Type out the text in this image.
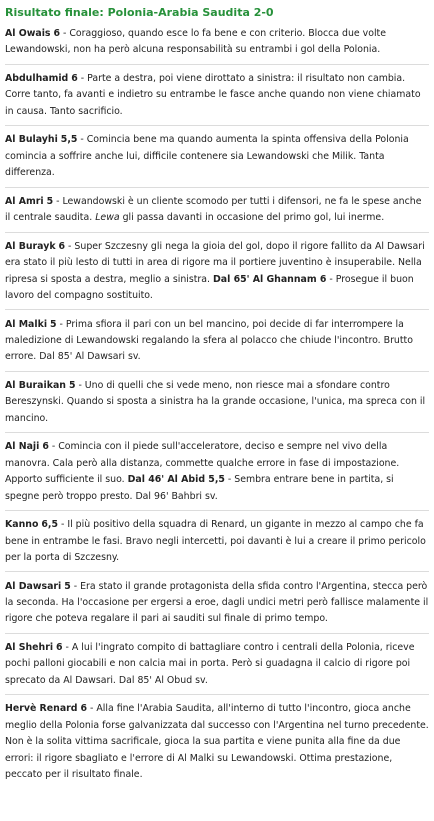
Risultato finale: Polonia-Arabia Saudita 2-0

Al Owais 6 - Coraggioso, quando esce lo fa bene e con criterio. Blocca due volte Lewandowski, non ha però alcuna responsabilità su entrambi i gol della Polonia.

Abdulhamid 6 - Parte a destra, poi viene dirottato a sinistra: il risultato non cambia. Corre tanto, fa avanti e indietro su entrambe le fasce anche quando non viene chiamato in causa. Tanto sacrificio.

Al Bulayhi 5,5 - Comincia bene ma quando aumenta la spinta offensiva della Polonia comincia a soffrire anche lui, difficile contenere sia Lewandowski che Milik. Tanta differenza.

Al Amri 5 - Lewandowski è un cliente scomodo per tutti i difensori, ne fa le spese anche il centrale saudita. Lewa gli passa davanti in occasione del primo gol, lui inerme.

Al Burayk 6 - Super Szczesny gli nega la gioia del gol, dopo il rigore fallito da Al Dawsari era stato il più lesto di tutti in area di rigore ma il portiere juventino è insuperabile. Nella ripresa si sposta a destra, meglio a sinistra. Dal 65' Al Ghannam 6 - Prosegue il buon lavoro del compagno sostituito.

Al Malki 5 - Prima sfiora il pari con un bel mancino, poi decide di far interrompere la maledizione di Lewandowski regalando la sfera al polacco che chiude l'incontro. Brutto errore. Dal 85' Al Dawsari sv.

Al Buraikan 5 - Uno di quelli che si vede meno, non riesce mai a sfondare contro Bereszynski. Quando si sposta a sinistra ha la grande occasione, l'unica, ma spreca con il mancino.

Al Naji 6 - Comincia con il piede sull'acceleratore, deciso e sempre nel vivo della manovra. Cala però alla distanza, commette qualche errore in fase di impostazione. Apporto sufficiente il suo. Dal 46' Al Abid 5,5 - Sembra entrare bene in partita, si spegne però troppo presto. Dal 96' Bahbri sv.

Kanno 6,5 - Il più positivo della squadra di Renard, un gigante in mezzo al campo che fa bene in entrambe le fasi. Bravo negli intercetti, poi davanti è lui a creare il primo pericolo per la porta di Szczesny.

Al Dawsari 5 - Era stato il grande protagonista della sfida contro l'Argentina, stecca però la seconda. Ha l'occasione per ergersi a eroe, dagli undici metri però fallisce malamente il rigore che poteva regalare il pari ai sauditi sul finale di primo tempo.

Al Shehri 6 - A lui l'ingrato compito di battagliare contro i centrali della Polonia, riceve pochi palloni giocabili e non calcia mai in porta. Però si guadagna il calcio di rigore poi sprecato da Al Dawsari. Dal 85' Al Obud sv.

Hervè Renard 6 - Alla fine l'Arabia Saudita, all'interno di tutto l'incontro, gioca anche meglio della Polonia forse galvanizzata dal successo con l'Argentina nel turno precedente. Non è la solita vittima sacrificale, gioca la sua partita e viene punita alla fine da due errori: il rigore sbagliato e l'errore di Al Malki su Lewandowski. Ottima prestazione, peccato per il risultato finale.
